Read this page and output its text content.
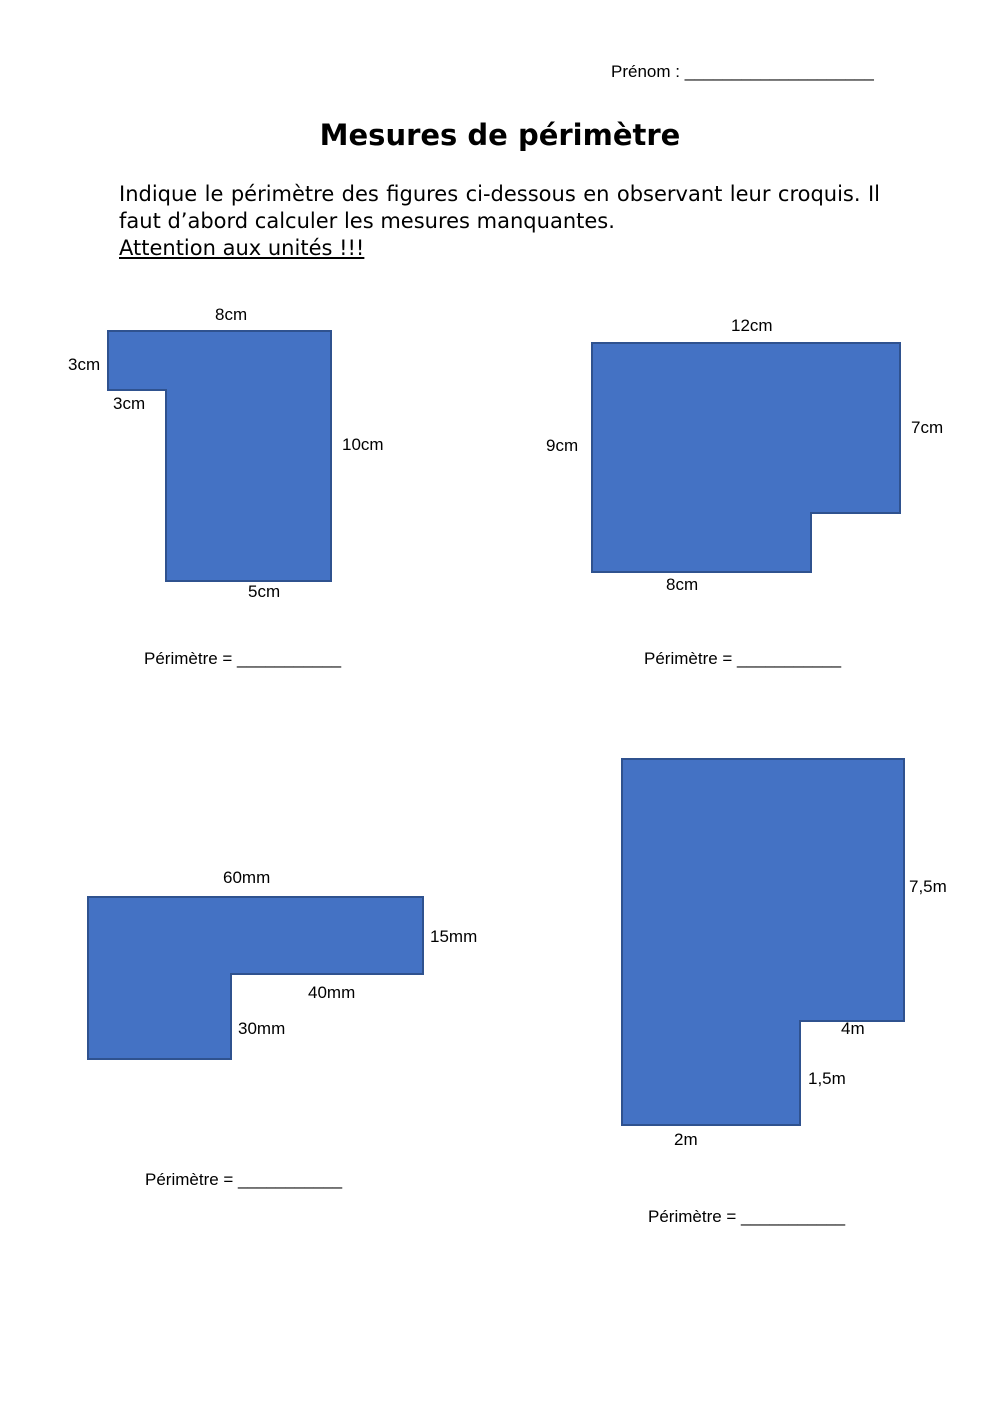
Prénom : ____________________
Mesures de périmètre
Indique le périmètre des figures ci-dessous en observant leur croquis. Il faut d’abord calculer les mesures manquantes.
Attention aux unités !!!
8cm
3cm
3cm
10cm
5cm
Périmètre = ___________
12cm
9cm
7cm
8cm
Périmètre = ___________
60mm
15mm
40mm
30mm
Périmètre = ___________
7,5m
4m
1,5m
2m
Périmètre = ___________
